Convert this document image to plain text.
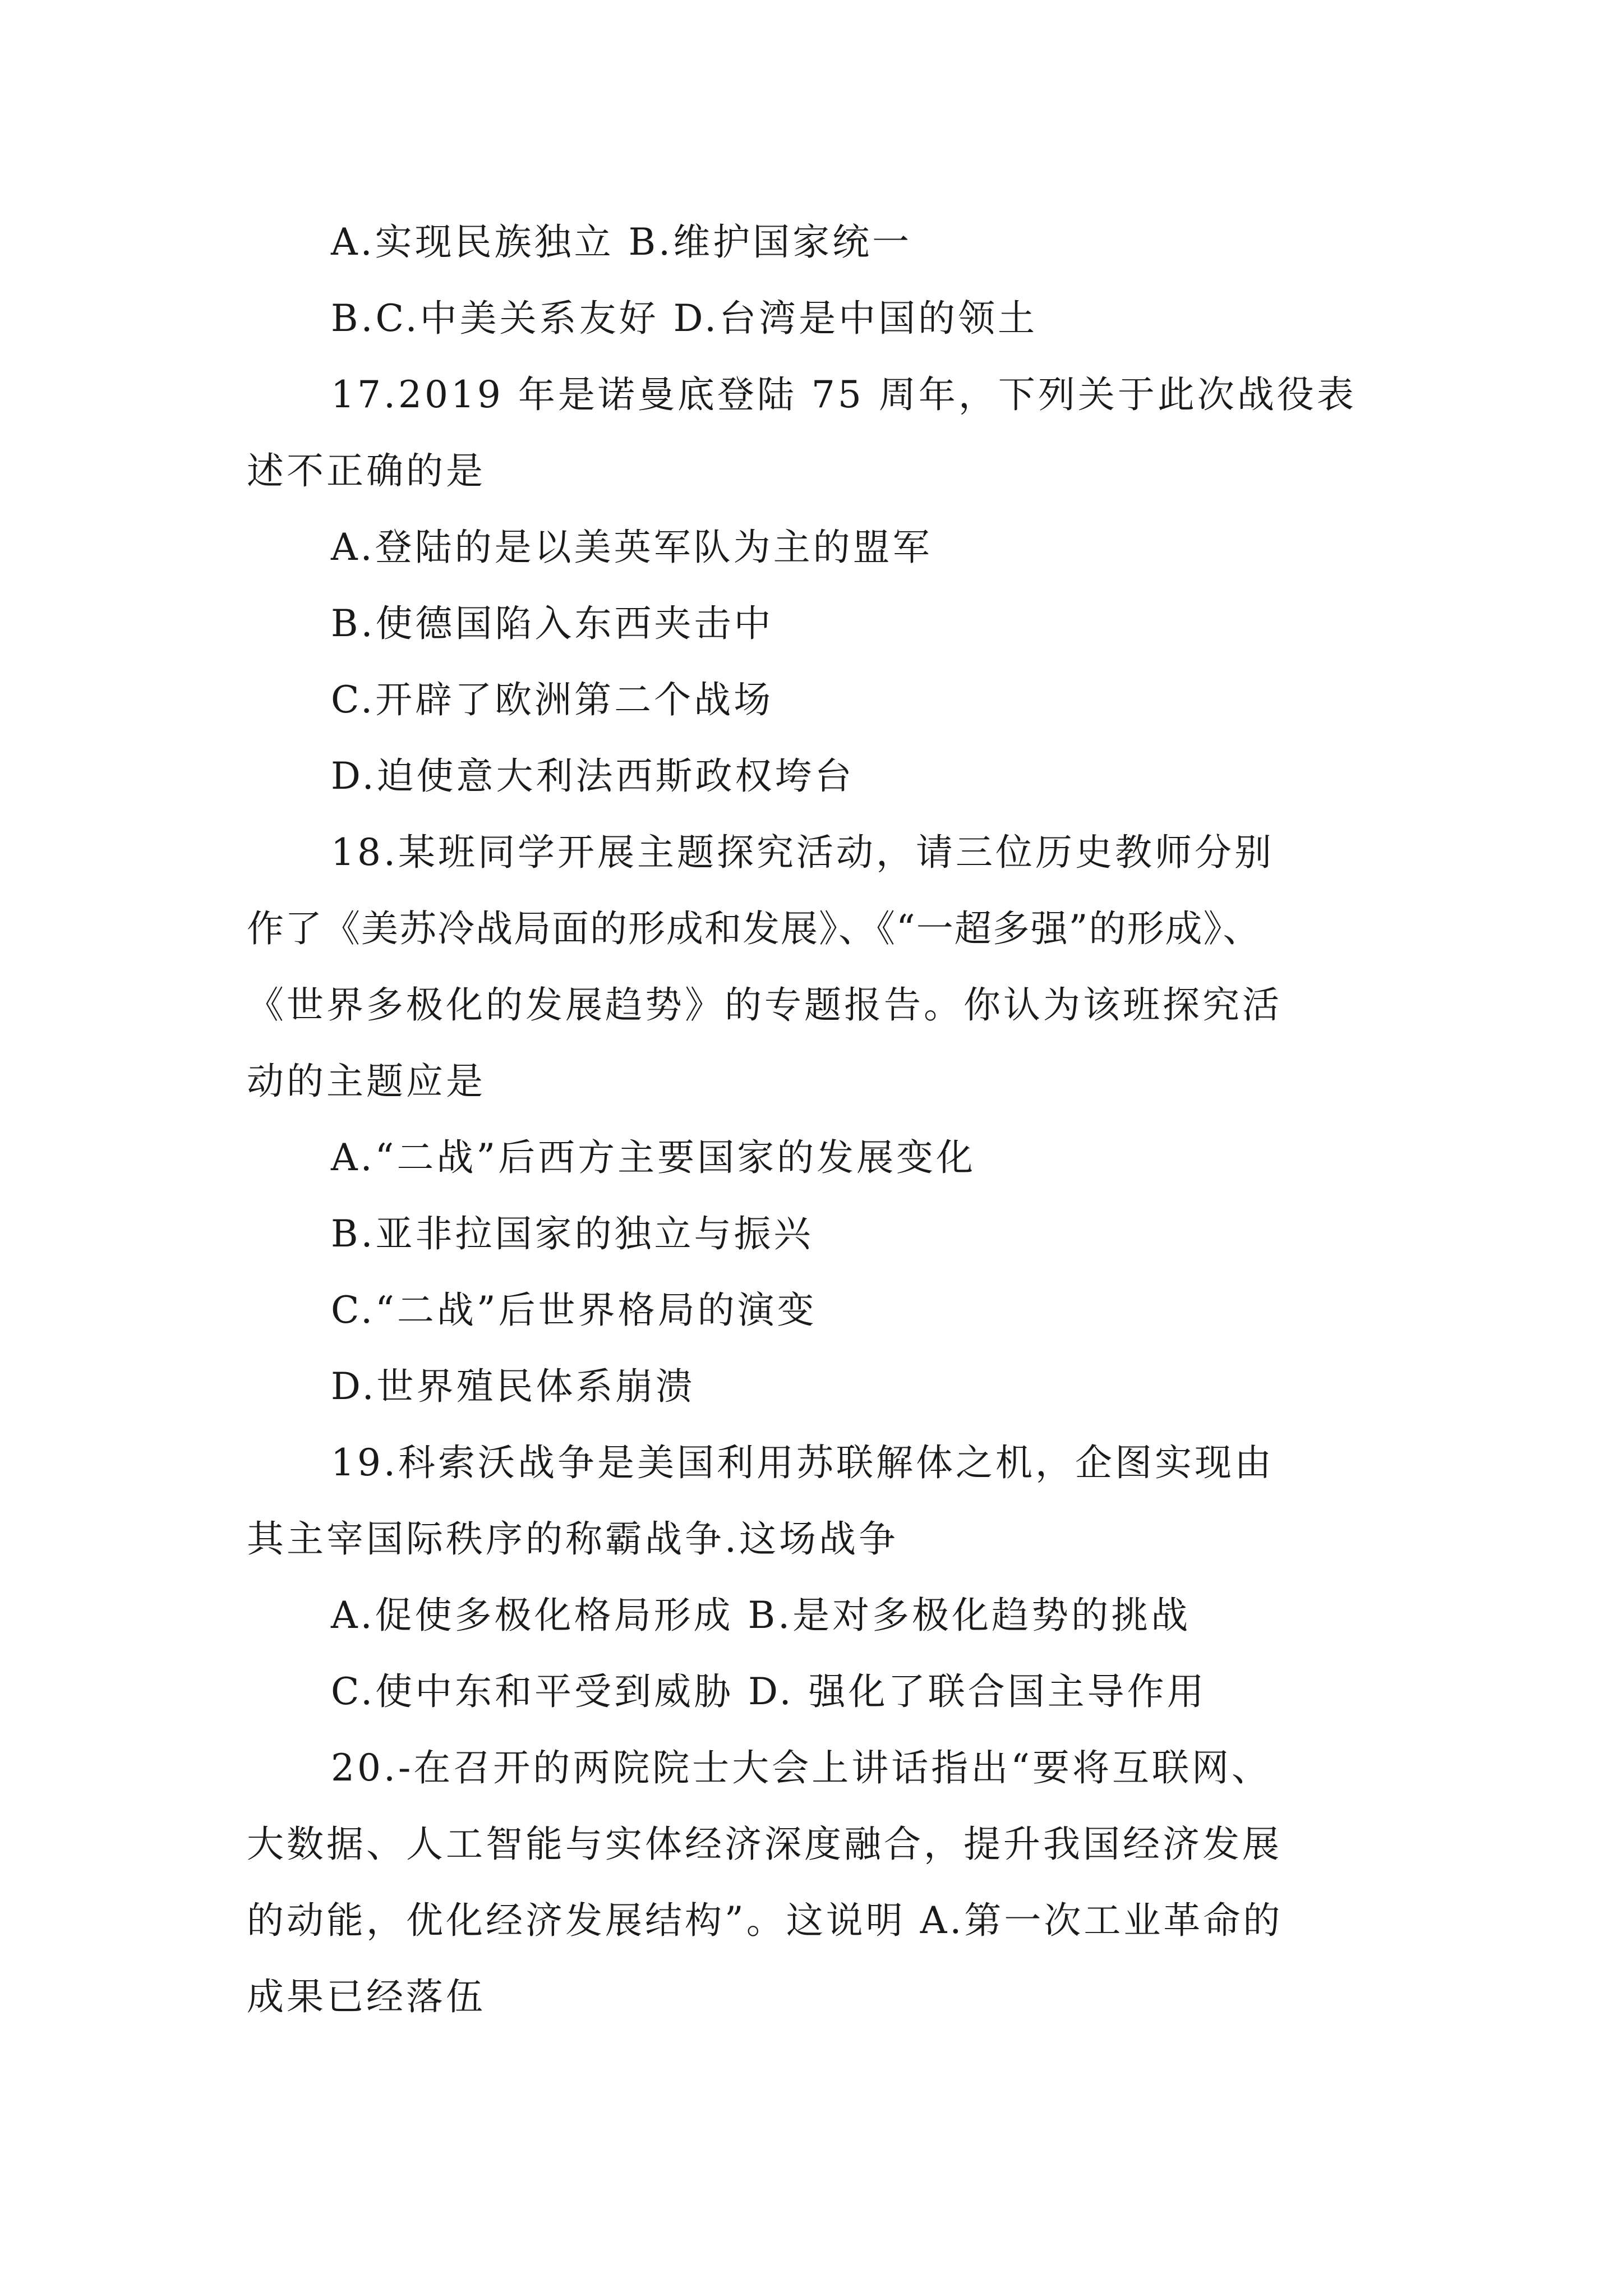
A.实现民族独立 B.维护国家统一
B.C.中美关系友好 D.台湾是中国的领土
17.2019 年是诺曼底登陆 75 周年，下列关于此次战役表
述不正确的是
A.登陆的是以美英军队为主的盟军
B.使德国陷入东西夹击中
C.开辟了欧洲第二个战场
D.迫使意大利法西斯政权垮台
18.某班同学开展主题探究活动，请三位历史教师分别
作了《美苏冷战局面的形成和发展》、《“一超多强”的形成》、
《世界多极化的发展趋势》的专题报告。你认为该班探究活
动的主题应是
A.“二战”后西方主要国家的发展变化
B.亚非拉国家的独立与振兴
C.“二战”后世界格局的演变
D.世界殖民体系崩溃
19.科索沃战争是美国利用苏联解体之机，企图实现由
其主宰国际秩序的称霸战争.这场战争
A.促使多极化格局形成 B.是对多极化趋势的挑战
C.使中东和平受到威胁 D. 强化了联合国主导作用
20.-在召开的两院院士大会上讲话指出“要将互联网、
大数据、人工智能与实体经济深度融合，提升我国经济发展
的动能，优化经济发展结构”。这说明 A.第一次工业革命的
成果已经落伍
